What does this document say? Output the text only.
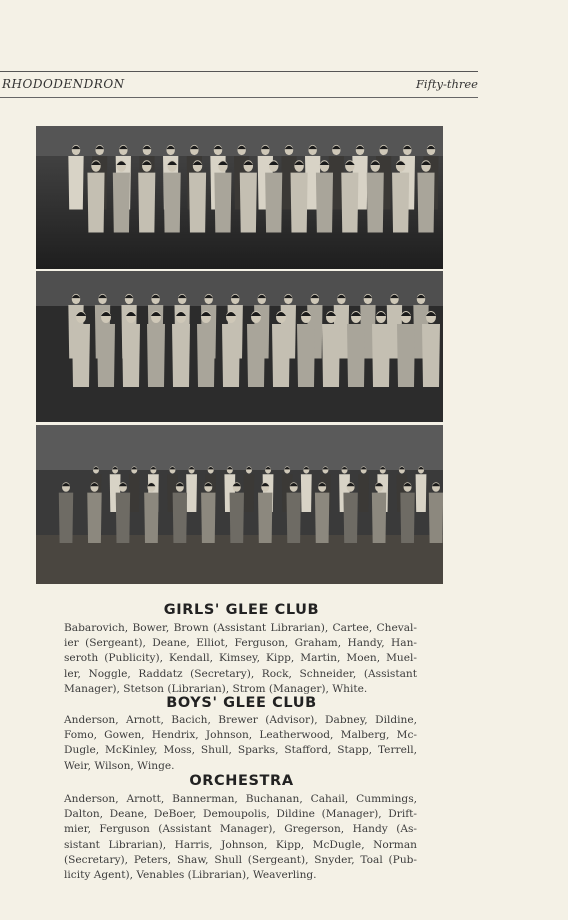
RHODODENDRON	Fifty-three
GIRLS' GLEE CLUB
Babarovich, Bower, Brown (Assistant Librarian), Cartee, Cheval-
ier (Sergeant), Deane, Elliot, Ferguson, Graham, Handy, Han-
seroth (Publicity), Kendall, Kimsey, Kipp, Martin, Moen, Muel-
ler, Noggle, Raddatz (Secretary), Rock, Schneider, (Assistant
Manager), Stetson (Librarian), Strom (Manager), White.
BOYS' GLEE CLUB
Anderson, Arnott, Bacich, Brewer (Advisor), Dabney, Dildine,
Fomo, Gowen, Hendrix, Johnson, Leatherwood, Malberg, Mc-
Dugle, McKinley, Moss, Shull, Sparks, Stafford, Stapp, Terrell,
Weir, Wilson, Winge.
ORCHESTRA
Anderson, Arnott, Bannerman, Buchanan, Cahail, Cummings,
Dalton, Deane, DeBoer, Demoupolis, Dildine (Manager), Drift-
mier, Ferguson (Assistant Manager), Gregerson, Handy (As-
sistant Librarian), Harris, Johnson, Kipp, McDugle, Norman
(Secretary), Peters, Shaw, Shull (Sergeant), Snyder, Toal (Pub-
licity Agent), Venables (Librarian), Weaverling.
